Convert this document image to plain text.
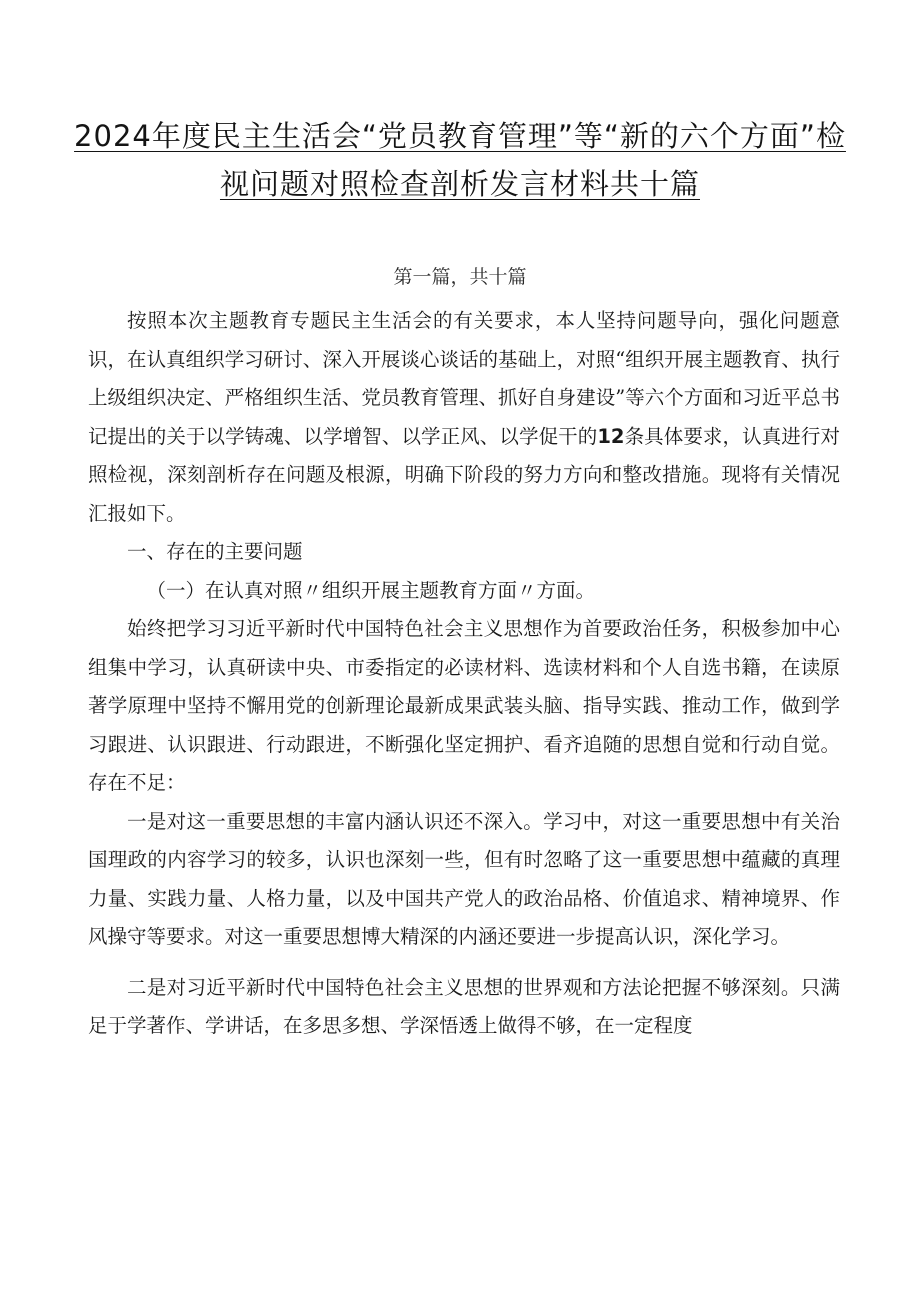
2024年度民主生活会“党员教育管理”等“新的六个方面”检视问题对照检查剖析发言材料共十篇
第一篇，共十篇

按照本次主题教育专题民主生活会的有关要求，本人坚持问题导向，强化问题意识，在认真组织学习研讨、深入开展谈心谈话的基础上，对照“组织开展主题教育、执行上级组织决定、严格组织生活、党员教育管理、抓好自身建设”等六个方面和习近平总书记提出的关于以学铸魂、以学增智、以学正风、以学促干的12条具体要求，认真进行对照检视，深刻剖析存在问题及根源，明确下阶段的努力方向和整改措施。现将有关情况汇报如下。

一、存在的主要问题

（一）在认真对照〃组织开展主题教育方面〃方面。

始终把学习习近平新时代中国特色社会主义思想作为首要政治任务，积极参加中心组集中学习，认真研读中央、市委指定的必读材料、选读材料和个人自选书籍，在读原著学原理中坚持不懈用党的创新理论最新成果武装头脑、指导实践、推动工作，做到学习跟进、认识跟进、行动跟进，不断强化坚定拥护、看齐追随的思想自觉和行动自觉。存在不足：

一是对这一重要思想的丰富内涵认识还不深入。学习中，对这一重要思想中有关治国理政的内容学习的较多，认识也深刻一些，但有时忽略了这一重要思想中蕴藏的真理力量、实践力量、人格力量，以及中国共产党人的政治品格、价值追求、精神境界、作风操守等要求。对这一重要思想博大精深的内涵还要进一步提高认识，深化学习。

二是对习近平新时代中国特色社会主义思想的世界观和方法论把握不够深刻。只满足于学著作、学讲话，在多思多想、学深悟透上做得不够，在一定程度
